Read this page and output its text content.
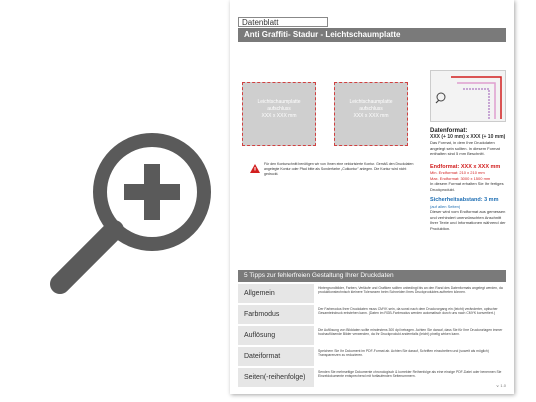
Datenblatt
Anti Graffiti- Stadur - Leichtschaumplatte
Leichtschaumplatte
aufschluss
XXX x XXX mm
Leichtschaumplatte
aufschluss
XXX x XXX mm
Datenformat:
XXX (+ 10 mm) x XXX (+ 10 mm)
Das Format, in dem Ihre Druckdaten angelegt sein sollten. In diesem Format enthalten sind 5 mm Beschnitt.
Endformat: XXX x XXX mm
Min. Endformat: 210 x 210 mm
Max. Endformat: 3000 x 1500 mm
In diesem Format erhalten Sie Ihr fertiges Druckprodukt.
Sicherheitsabstand: 3 mm
(auf allen Seiten)
Dieser wird vom Endformat aus gemessen und verhindert unerwünschten Anschnitt Ihrer Texte und Informationen während der Produktion.
Für den Konturschnitt benötigen wir von Ihnen eine vektorisierte Kontur. Gemäß den Druckdaten angelegte Kontur oder Pfad bitte als Sonderfarbe „Cutkontur" anlegen. Die Kontur wird nicht gedruckt.
5 Tipps zur fehlerfreien Gestaltung Ihrer Druckdaten
Allgemein
Hintergrundbilder, Farben, Verläufe und Grafiken sollten unbedingt bis an den Rand des Datenformats angelegt werden, da produktionstechnisch kleinere Toleranzen beim Schneiden Ihres Druckproduktes auftreten können.
Farbmodus
Der Farbmodus Ihrer Druckdaten muss CMYK sein, da sonst nach dem Druckvorgang ein (leicht) veränderter, optischer Gesamteindruck entstehen kann. (Daten im RGB-Farbmodus werden automatisch durch uns nach CMYK konvertiert.)
Auflösung
Die Auflösung von Bilddaten sollte mindestens 300 dpi betragen. Achten Sie darauf, dass Sie für Ihre Druckvorlagen immer hochauflösende Bilder verwenden, da Ihr Druckprodukt andernfalls (leicht) pixelig wirken kann.
Dateiformat
Speichern Sie Ihr Dokument im PDF-Format ab. Achten Sie darauf, Schriften einzubetten und (soweit als möglich) Transparenzen zu reduzieren.
Seiten(-reihenfolge)
Senden Sie mehrseitige Dokumente chronologisch & korrekter Reihenfolge als eine einzige PDF-Datei oder benennen Sie Einzeldokumente entsprechend mit fortlaufenden Seitenummern.
v. 1.0
